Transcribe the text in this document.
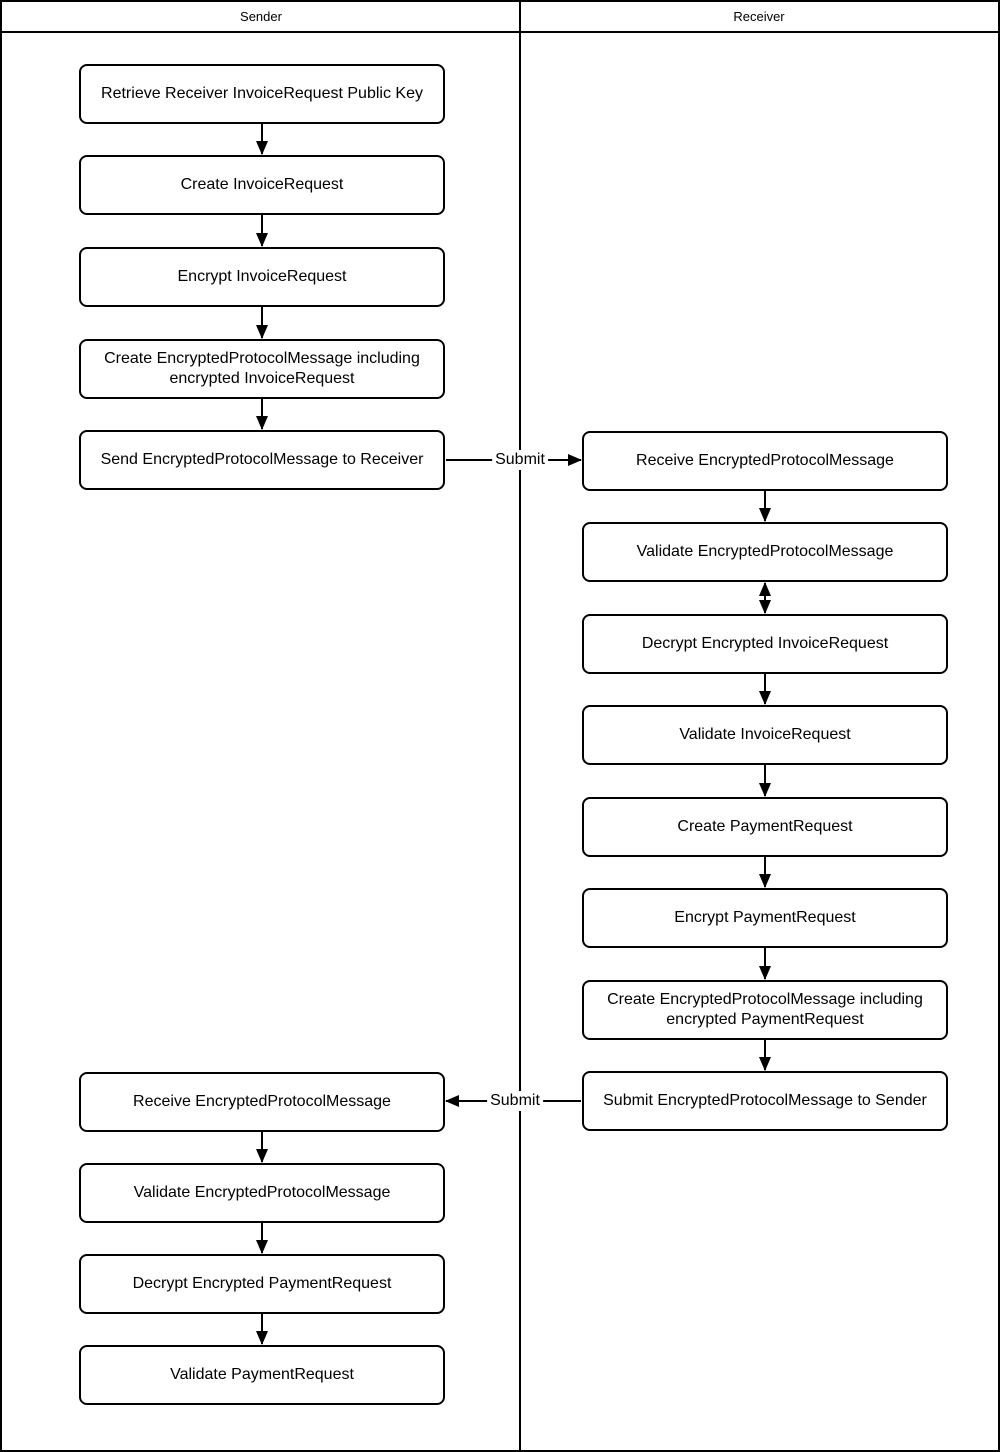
Sender	Receiver
Retrieve Receiver InvoiceRequest Public Key
Create InvoiceRequest
Encrypt InvoiceRequest
Create EncryptedProtocolMessage including encrypted InvoiceRequest
Send EncryptedProtocolMessage to Receiver
Receive EncryptedProtocolMessage
Validate EncryptedProtocolMessage
Decrypt Encrypted PaymentRequest
Validate PaymentRequest
Receive EncryptedProtocolMessage
Validate EncryptedProtocolMessage
Decrypt Encrypted InvoiceRequest
Validate InvoiceRequest
Create PaymentRequest
Encrypt PaymentRequest
Create EncryptedProtocolMessage including encrypted PaymentRequest
Submit EncryptedProtocolMessage to Sender
Submit
Submit
